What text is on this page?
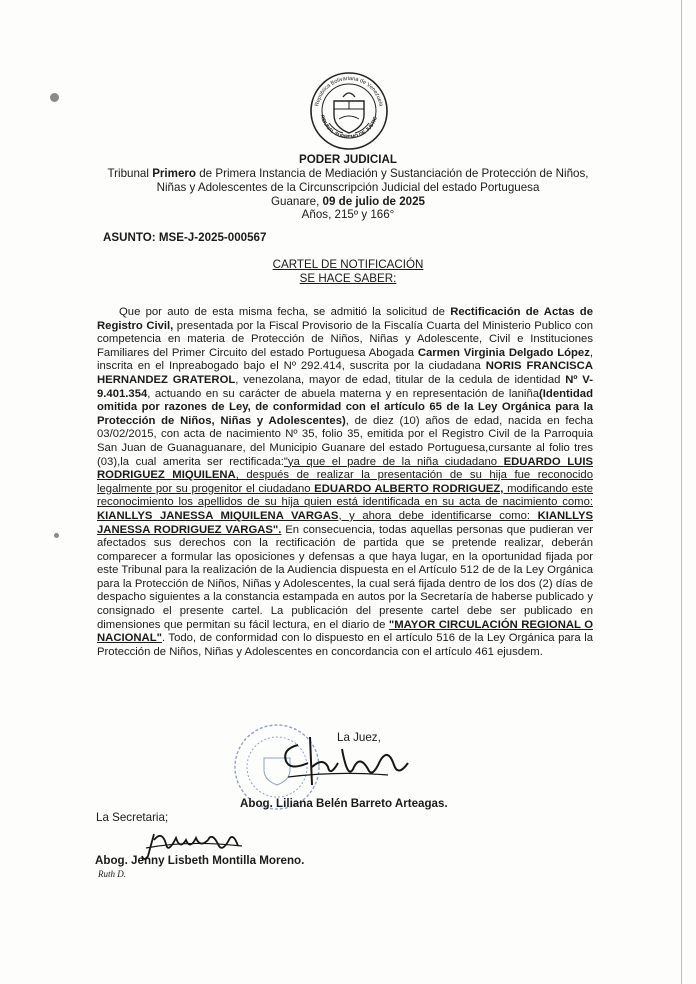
República Bolivariana de Venezuela
RIBUNAL SUPREMO DE JUSTIC
PODER JUDICIAL
Tribunal Primero de Primera Instancia de Mediación y Sustanciación de Protección de Niños,
Niñas y Adolescentes de la Circunscripción Judicial del estado Portuguesa
Guanare, 09 de julio de 2025
Años, 215º y 166°
ASUNTO: MSE-J-2025-000567
CARTEL DE NOTIFICACIÓN
SE HACE SABER:
Que por auto de esta misma fecha, se admitió la solicitud de Rectificación de Actas de Registro Civil, presentada por la Fiscal Provisorio de la Fiscalía Cuarta del Ministerio Publico con competencia en materia de Protección de Niños, Niñas y Adolescente, Civil e Instituciones Familiares del Primer Circuito del estado Portuguesa Abogada Carmen Virginia Delgado López, inscrita en el Inpreabogado bajo el Nº 292.414, suscrita por la ciudadana NORIS FRANCISCA HERNANDEZ GRATEROL, venezolana, mayor de edad, titular de la cedula de identidad Nº V-9.401.354, actuando en su carácter de abuela materna y en representación de laniña(Identidad omitida por razones de Ley, de conformidad con el artículo 65 de la Ley Orgánica para la Protección de Niños, Niñas y Adolescentes), de diez (10) años de edad, nacida en fecha 03/02/2015, con acta de nacimiento Nº 35, folio 35, emitida por el Registro Civil de la Parroquia San Juan de Guanaguanare, del Municipio Guanare del estado Portuguesa,cursante al folio tres (03),la cual amerita ser rectificada:"ya que el padre de la niña ciudadano EDUARDO LUIS RODRIGUEZ MIQUILENA, después de realizar la presentación de su hija fue reconocido legalmente por su progenitor el ciudadano EDUARDO ALBERTO RODRIGUEZ, modificando este reconocimiento los apellidos de su hija quien está identificada en su acta de nacimiento como: KIANLLYS JANESSA MIQUILENA VARGAS, y ahora debe identificarse como: KIANLLYS JANESSA RODRIGUEZ VARGAS". En consecuencia, todas aquellas personas que pudieran ver afectados sus derechos con la rectificación de partida que se pretende realizar, deberán comparecer a formular las oposiciones y defensas a que haya lugar, en la oportunidad fijada por este Tribunal para la realización de la Audiencia dispuesta en el Artículo 512 de de la Ley Orgánica para la Protección de Niños, Niñas y Adolescentes, la cual será fijada dentro de los dos (2) días de despacho siguientes a la constancia estampada en autos por la Secretaría de haberse publicado y consignado el presente cartel. La publicación del presente cartel debe ser publicado en dimensiones que permitan su fácil lectura, en el diario de "MAYOR CIRCULACIÓN REGIONAL O NACIONAL". Todo, de conformidad con lo dispuesto en el artículo 516 de la Ley Orgánica para la Protección de Niños, Niñas y Adolescentes en concordancia con el artículo 461 ejusdem.
La Juez,
Abog. Liliana Belén Barreto Arteagas.
La Secretaria;
Abog. Jenny Lisbeth Montilla Moreno.
Ruth D.
